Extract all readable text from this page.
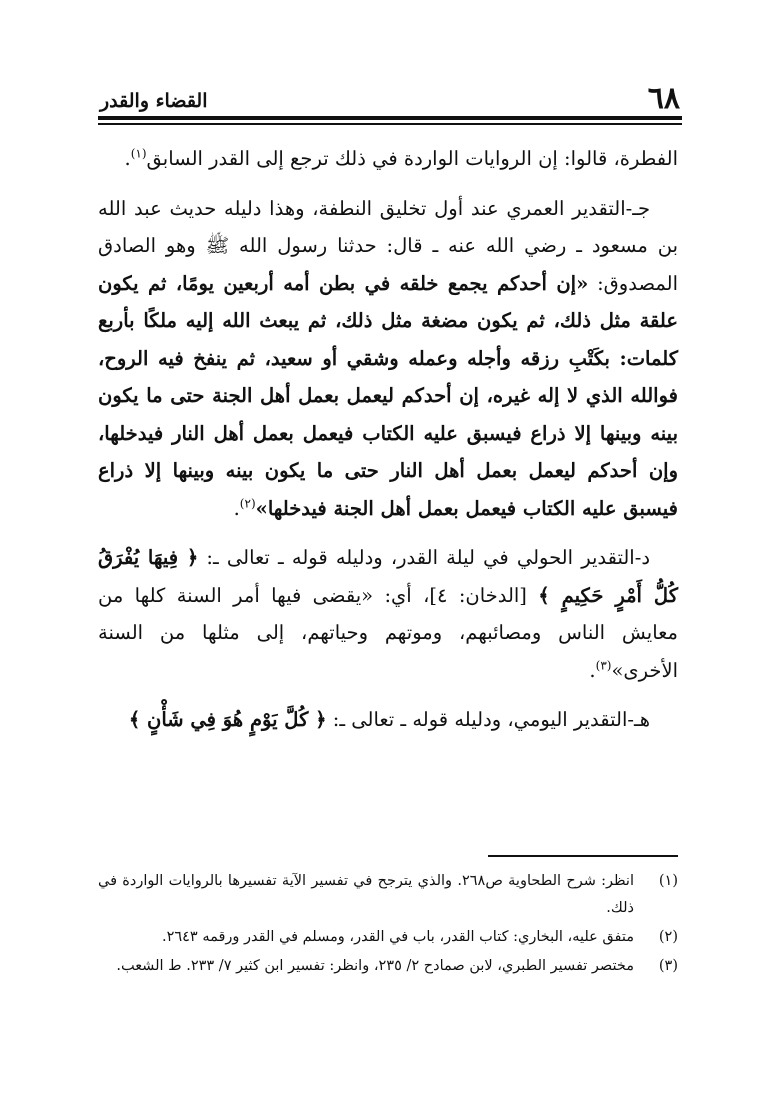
٦٨
القضاء والقدر

الفطرة، قالوا: إن الروايات الواردة في ذلك ترجع إلى القدر السابق$^{(١)}$.

جـ-التقدير العمري عند أول تخليق النطفة، وهذا دليله حديث عبد الله بن مسعود ـ رضي الله عنه ـ قال: حدثنا رسول الله ﷺ وهو الصادق المصدوق: «إن أحدكم يجمع خلقه في بطن أمه أربعين يومًا، ثم يكون علقة مثل ذلك، ثم يكون مضغة مثل ذلك، ثم يبعث الله إليه ملكًا بأربع كلمات: بكَتْبِ رزقه وأجله وعمله وشقي أو سعيد، ثم ينفخ فيه الروح، فوالله الذي لا إله غيره، إن أحدكم ليعمل بعمل أهل الجنة حتى ما يكون بينه وبينها إلا ذراع فيسبق عليه الكتاب فيعمل بعمل أهل النار فيدخلها، وإن أحدكم ليعمل بعمل أهل النار حتى ما يكون بينه وبينها إلا ذراع فيسبق عليه الكتاب فيعمل بعمل أهل الجنة فيدخلها»$^{(٢)}$.

د-التقدير الحولي في ليلة القدر، ودليله قوله ـ تعالى ـ: ﴿ فِيهَا يُفْرَقُ كُلُّ أَمْرٍ حَكِيمٍ ﴾ [الدخان: ٤]، أي: «يقضى فيها أمر السنة كلها من معايش الناس ومصائبهم، وموتهم وحياتهم، إلى مثلها من السنة الأخرى»$^{(٣)}$.

هـ-التقدير اليومي، ودليله قوله ـ تعالى ـ: ﴿ كُلَّ يَوْمٍ هُوَ فِي شَأْنٍ ﴾

(١)
انظر: شرح الطحاوية ص٢٦٨. والذي يترجح في تفسير الآية تفسيرها بالروايات الواردة في ذلك.
(٢)
متفق عليه، البخاري: كتاب القدر، باب في القدر، ومسلم في القدر ورقمه ٢٦٤٣.
(٣)
مختصر تفسير الطبري، لابن صمادح ٢/ ٢٣٥، وانظر: تفسير ابن كثير ٧/ ٢٣٣. ط الشعب.
